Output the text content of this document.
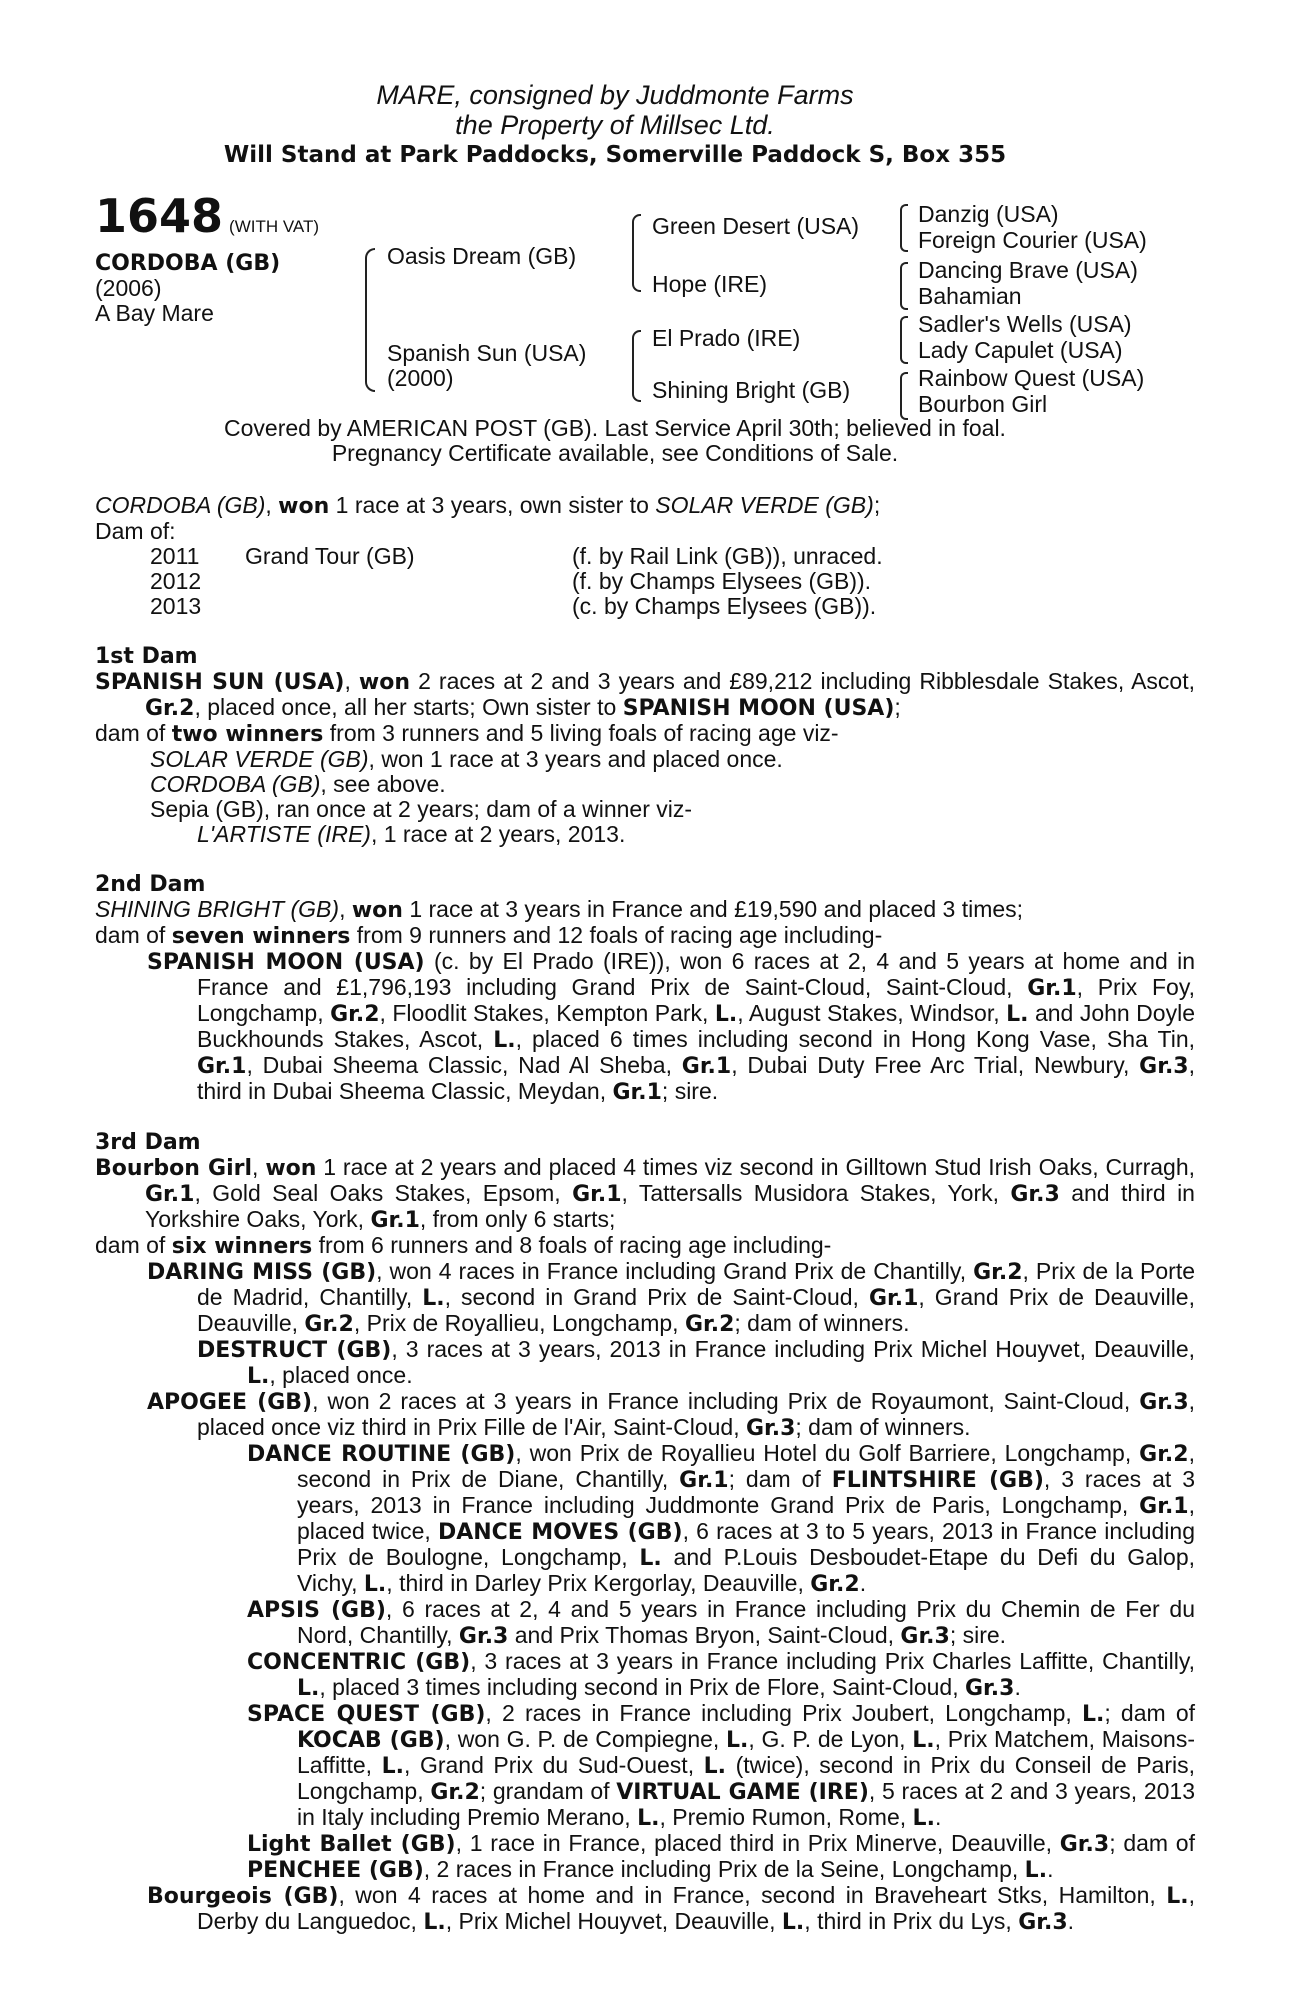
MARE, consigned by Juddmonte Farms
the Property of Millsec Ltd.
Will Stand at Park Paddocks, Somerville Paddock S, Box 355
1648 (WITH VAT)
CORDOBA (GB)
(2006)
A Bay Mare
Oasis Dream (GB)
Spanish Sun (USA)
(2000)
Green Desert (USA)
Hope (IRE)
El Prado (IRE)
Shining Bright (GB)
Danzig (USA)
Foreign Courier (USA)
Dancing Brave (USA)
Bahamian
Sadler's Wells (USA)
Lady Capulet (USA)
Rainbow Quest (USA)
Bourbon Girl
Covered by AMERICAN POST (GB). Last Service April 30th; believed in foal.
Pregnancy Certificate available, see Conditions of Sale.

CORDOBA (GB), won 1 race at 3 years, own sister to SOLAR VERDE (GB);

Dam of:

2011	Grand Tour (GB)	(f. by Rail Link (GB)), unraced.
2012		(f. by Champs Elysees (GB)).
2013		(c. by Champs Elysees (GB)).

1st Dam

SPANISH SUN (USA), won 2 races at 2 and 3 years and £89,212 including Ribblesdale Stakes, Ascot, Gr.2, placed once, all her starts; Own sister to SPANISH MOON (USA);

dam of two winners from 3 runners and 5 living foals of racing age viz-

SOLAR VERDE (GB), won 1 race at 3 years and placed once.

CORDOBA (GB), see above.

Sepia (GB), ran once at 2 years; dam of a winner viz-

L'ARTISTE (IRE), 1 race at 2 years, 2013.

2nd Dam

SHINING BRIGHT (GB), won 1 race at 3 years in France and £19,590 and placed 3 times;

dam of seven winners from 9 runners and 12 foals of racing age including-

SPANISH MOON (USA) (c. by El Prado (IRE)), won 6 races at 2, 4 and 5 years at home and in France and £1,796,193 including Grand Prix de Saint-Cloud, Saint-Cloud, Gr.1, Prix Foy, Longchamp, Gr.2, Floodlit Stakes, Kempton Park, L., August Stakes, Windsor, L. and John Doyle Buckhounds Stakes, Ascot, L., placed 6 times including second in Hong Kong Vase, Sha Tin, Gr.1, Dubai Sheema Classic, Nad Al Sheba, Gr.1, Dubai Duty Free Arc Trial, Newbury, Gr.3, third in Dubai Sheema Classic, Meydan, Gr.1; sire.

3rd Dam

Bourbon Girl, won 1 race at 2 years and placed 4 times viz second in Gilltown Stud Irish Oaks, Curragh, Gr.1, Gold Seal Oaks Stakes, Epsom, Gr.1, Tattersalls Musidora Stakes, York, Gr.3 and third in Yorkshire Oaks, York, Gr.1, from only 6 starts;

dam of six winners from 6 runners and 8 foals of racing age including-

DARING MISS (GB), won 4 races in France including Grand Prix de Chantilly, Gr.2, Prix de la Porte de Madrid, Chantilly, L., second in Grand Prix de Saint-Cloud, Gr.1, Grand Prix de Deauville, Deauville, Gr.2, Prix de Royallieu, Longchamp, Gr.2; dam of winners.

DESTRUCT (GB), 3 races at 3 years, 2013 in France including Prix Michel Houyvet, Deauville, L., placed once.

APOGEE (GB), won 2 races at 3 years in France including Prix de Royaumont, Saint-Cloud, Gr.3, placed once viz third in Prix Fille de l'Air, Saint-Cloud, Gr.3; dam of winners.

DANCE ROUTINE (GB), won Prix de Royallieu Hotel du Golf Barriere, Longchamp, Gr.2, second in Prix de Diane, Chantilly, Gr.1; dam of FLINTSHIRE (GB), 3 races at 3 years, 2013 in France including Juddmonte Grand Prix de Paris, Longchamp, Gr.1, placed twice, DANCE MOVES (GB), 6 races at 3 to 5 years, 2013 in France including Prix de Boulogne, Longchamp, L. and P.Louis Desboudet-Etape du Defi du Galop, Vichy, L., third in Darley Prix Kergorlay, Deauville, Gr.2.

APSIS (GB), 6 races at 2, 4 and 5 years in France including Prix du Chemin de Fer du Nord, Chantilly, Gr.3 and Prix Thomas Bryon, Saint-Cloud, Gr.3; sire.

CONCENTRIC (GB), 3 races at 3 years in France including Prix Charles Laffitte, Chantilly, L., placed 3 times including second in Prix de Flore, Saint-Cloud, Gr.3.

SPACE QUEST (GB), 2 races in France including Prix Joubert, Longchamp, L.; dam of KOCAB (GB), won G. P. de Compiegne, L., G. P. de Lyon, L., Prix Matchem, Maisons-Laffitte, L., Grand Prix du Sud-Ouest, L. (twice), second in Prix du Conseil de Paris, Longchamp, Gr.2; grandam of VIRTUAL GAME (IRE), 5 races at 2 and 3 years, 2013 in Italy including Premio Merano, L., Premio Rumon, Rome, L..

Light Ballet (GB), 1 race in France, placed third in Prix Minerve, Deauville, Gr.3; dam of PENCHEE (GB), 2 races in France including Prix de la Seine, Longchamp, L..

Bourgeois (GB), won 4 races at home and in France, second in Braveheart Stks, Hamilton, L., Derby du Languedoc, L., Prix Michel Houyvet, Deauville, L., third in Prix du Lys, Gr.3.
